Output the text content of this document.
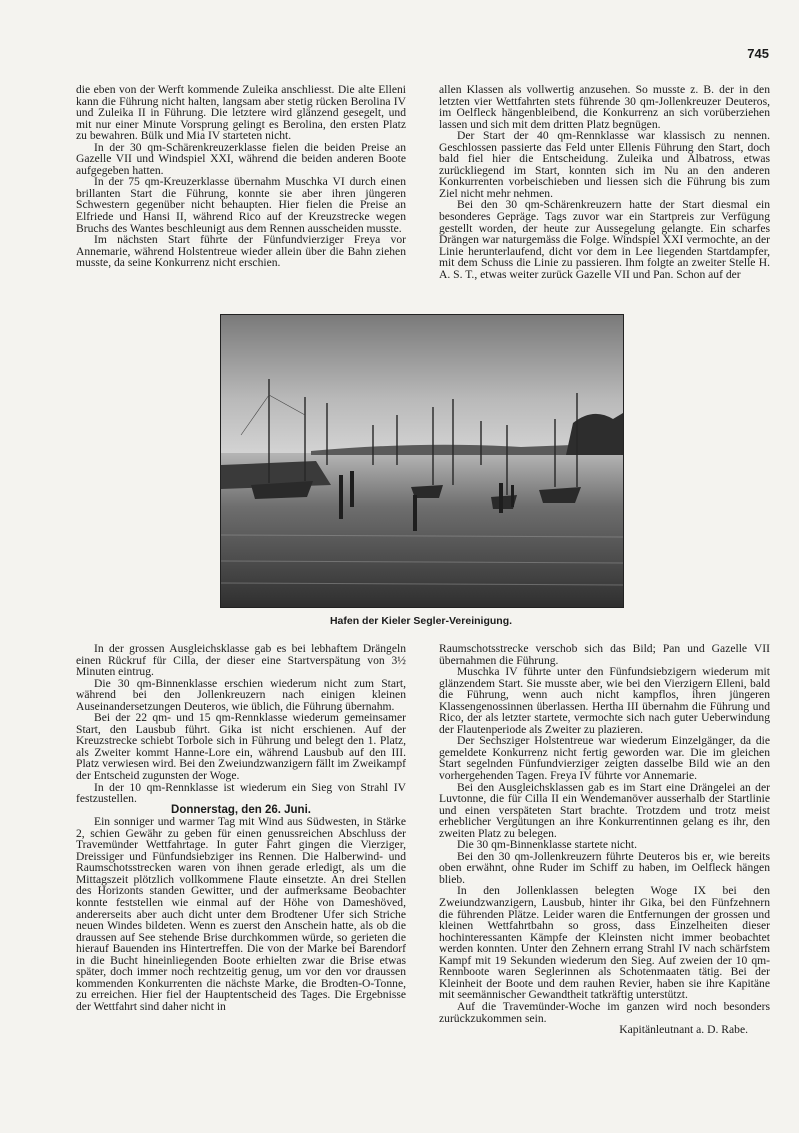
745

die eben von der Werft kommende Zuleika anschliesst. Die alte Elleni kann die Führung nicht halten, langsam aber stetig rücken Berolina IV und Zuleika II in Führung. Die letztere wird glänzend gesegelt, und mit nur einer Minute Vorsprung gelingt es Berolina, den ersten Platz zu bewahren. Bülk und Mia IV starteten nicht.

In der 30 qm-Schärenkreuzerklasse fielen die beiden Preise an Gazelle VII und Windspiel XXI, während die beiden anderen Boote aufgegeben hatten.

In der 75 qm-Kreuzerklasse übernahm Muschka VI durch einen brillanten Start die Führung, konnte sie aber ihren jüngeren Schwestern gegenüber nicht behaupten. Hier fielen die Preise an Elfriede und Hansi II, während Rico auf der Kreuzstrecke wegen Bruchs des Wantes beschleunigt aus dem Rennen ausscheiden musste.

Im nächsten Start führte der Fünfundvierziger Freya vor Annemarie, während Holstentreue wieder allein über die Bahn ziehen musste, da seine Konkurrenz nicht erschien.

allen Klassen als vollwertig anzusehen. So musste z. B. der in den letzten vier Wettfahrten stets führende 30 qm-Jollenkreuzer Deuteros, im Oelfleck hängenbleibend, die Konkurrenz an sich vorüberziehen lassen und sich mit dem dritten Platz begnügen.

Der Start der 40 qm-Rennklasse war klassisch zu nennen. Geschlossen passierte das Feld unter Ellenis Führung den Start, doch bald fiel hier die Entscheidung. Zuleika und Albatross, etwas zurückliegend im Start, konnten sich im Nu an den anderen Konkurrenten vorbeischieben und liessen sich die Führung bis zum Ziel nicht mehr nehmen.

Bei den 30 qm-Schärenkreuzern hatte der Start diesmal ein besonderes Gepräge. Tags zuvor war ein Startpreis zur Verfügung gestellt worden, der heute zur Aussegelung gelangte. Ein scharfes Drängen war naturgemäss die Folge. Windspiel XXI vermochte, an der Linie herunterlaufend, dicht vor dem in Lee liegenden Startdampfer, mit dem Schuss die Linie zu passieren. Ihm folgte an zweiter Stelle H. A. S. T., etwas weiter zurück Gazelle VII und Pan. Schon auf der

Hafen der Kieler Segler-Vereinigung.

In der grossen Ausgleichsklasse gab es bei lebhaftem Drängeln einen Rückruf für Cilla, der dieser eine Startverspätung von 3½ Minuten eintrug.

Die 30 qm-Binnenklasse erschien wiederum nicht zum Start, während bei den Jollenkreuzern nach einigen kleinen Auseinandersetzungen Deuteros, wie üblich, die Führung übernahm.

Bei der 22 qm- und 15 qm-Rennklasse wiederum gemeinsamer Start, den Lausbub führt. Gika ist nicht erschienen. Auf der Kreuzstrecke schiebt Torbole sich in Führung und belegt den 1. Platz, als Zweiter kommt Hanne-Lore ein, während Lausbub auf den III. Platz verwiesen wird. Bei den Zweiundzwanzigern fällt im Zweikampf der Entscheid zugunsten der Woge.

In der 10 qm-Rennklasse ist wiederum ein Sieg von Strahl IV festzustellen.

Donnerstag, den 26. Juni.

Ein sonniger und warmer Tag mit Wind aus Südwesten, in Stärke 2, schien Gewähr zu geben für einen genussreichen Abschluss der Travemünder Wettfahrtage. In guter Fahrt gingen die Vierziger, Dreissiger und Fünfundsiebziger ins Rennen. Die Halberwind- und Raumschotsstrecken waren von ihnen gerade erledigt, als um die Mittagszeit plötzlich vollkommene Flaute einsetzte. An drei Stellen des Horizonts standen Gewitter, und der aufmerksame Beobachter konnte feststellen wie einmal auf der Höhe von Dameshöved, andererseits aber auch dicht unter dem Brodtener Ufer sich Striche neuen Windes bildeten. Wenn es zuerst den Anschein hatte, als ob die draussen auf See stehende Brise durchkommen würde, so gerieten die hierauf Bauenden ins Hintertreffen. Die von der Marke bei Barendorf in die Bucht hineinliegenden Boote erhielten zwar die Brise etwas später, doch immer noch rechtzeitig genug, um vor den vor draussen kommenden Konkurrenten die nächste Marke, die Brodten-O-Tonne, zu erreichen. Hier fiel der Hauptentscheid des Tages. Die Ergebnisse der Wettfahrt sind daher nicht in

Raumschotsstrecke verschob sich das Bild; Pan und Gazelle VII übernahmen die Führung.

Muschka IV führte unter den Fünfundsiebzigern wiederum mit glänzendem Start. Sie musste aber, wie bei den Vierzigern Elleni, bald die Führung, wenn auch nicht kampflos, ihren jüngeren Klassengenossinnen überlassen. Hertha III übernahm die Führung und Rico, der als letzter startete, vermochte sich nach guter Ueberwindung der Flautenperiode als Zweiter zu plazieren.

Der Sechsziger Holstentreue war wiederum Einzelgänger, da die gemeldete Konkurrenz nicht fertig geworden war. Die im gleichen Start segelnden Fünfundvierziger zeigten dasselbe Bild wie an den vorhergehenden Tagen. Freya IV führte vor Annemarie.

Bei den Ausgleichsklassen gab es im Start eine Drängelei an der Luvtonne, die für Cilla II ein Wendemanöver ausserhalb der Startlinie und einen verspäteten Start brachte. Trotzdem und trotz meist erheblicher Vergütungen an ihre Konkurrentinnen gelang es ihr, den zweiten Platz zu belegen.

Die 30 qm-Binnenklasse startete nicht.

Bei den 30 qm-Jollenkreuzern führte Deuteros bis er, wie bereits oben erwähnt, ohne Ruder im Schiff zu haben, im Oelfleck hängen blieb.

In den Jollenklassen belegten Woge IX bei den Zweiundzwanzigern, Lausbub, hinter ihr Gika, bei den Fünfzehnern die führenden Plätze. Leider waren die Entfernungen der grossen und kleinen Wettfahrtbahn so gross, dass Einzelheiten dieser hochinteressanten Kämpfe der Kleinsten nicht immer beobachtet werden konnten. Unter den Zehnern errang Strahl IV nach schärfstem Kampf mit 19 Sekunden wiederum den Sieg. Auf zweien der 10 qm-Rennboote waren Seglerinnen als Schotenmaaten tätig. Bei der Kleinheit der Boote und dem rauhen Revier, haben sie ihre Kapitäne mit seemännischer Gewandtheit tatkräftig unterstützt.

Auf die Travemünder-Woche im ganzen wird noch besonders zurückzukommen sein.

Kapitänleutnant a. D. Rabe.
